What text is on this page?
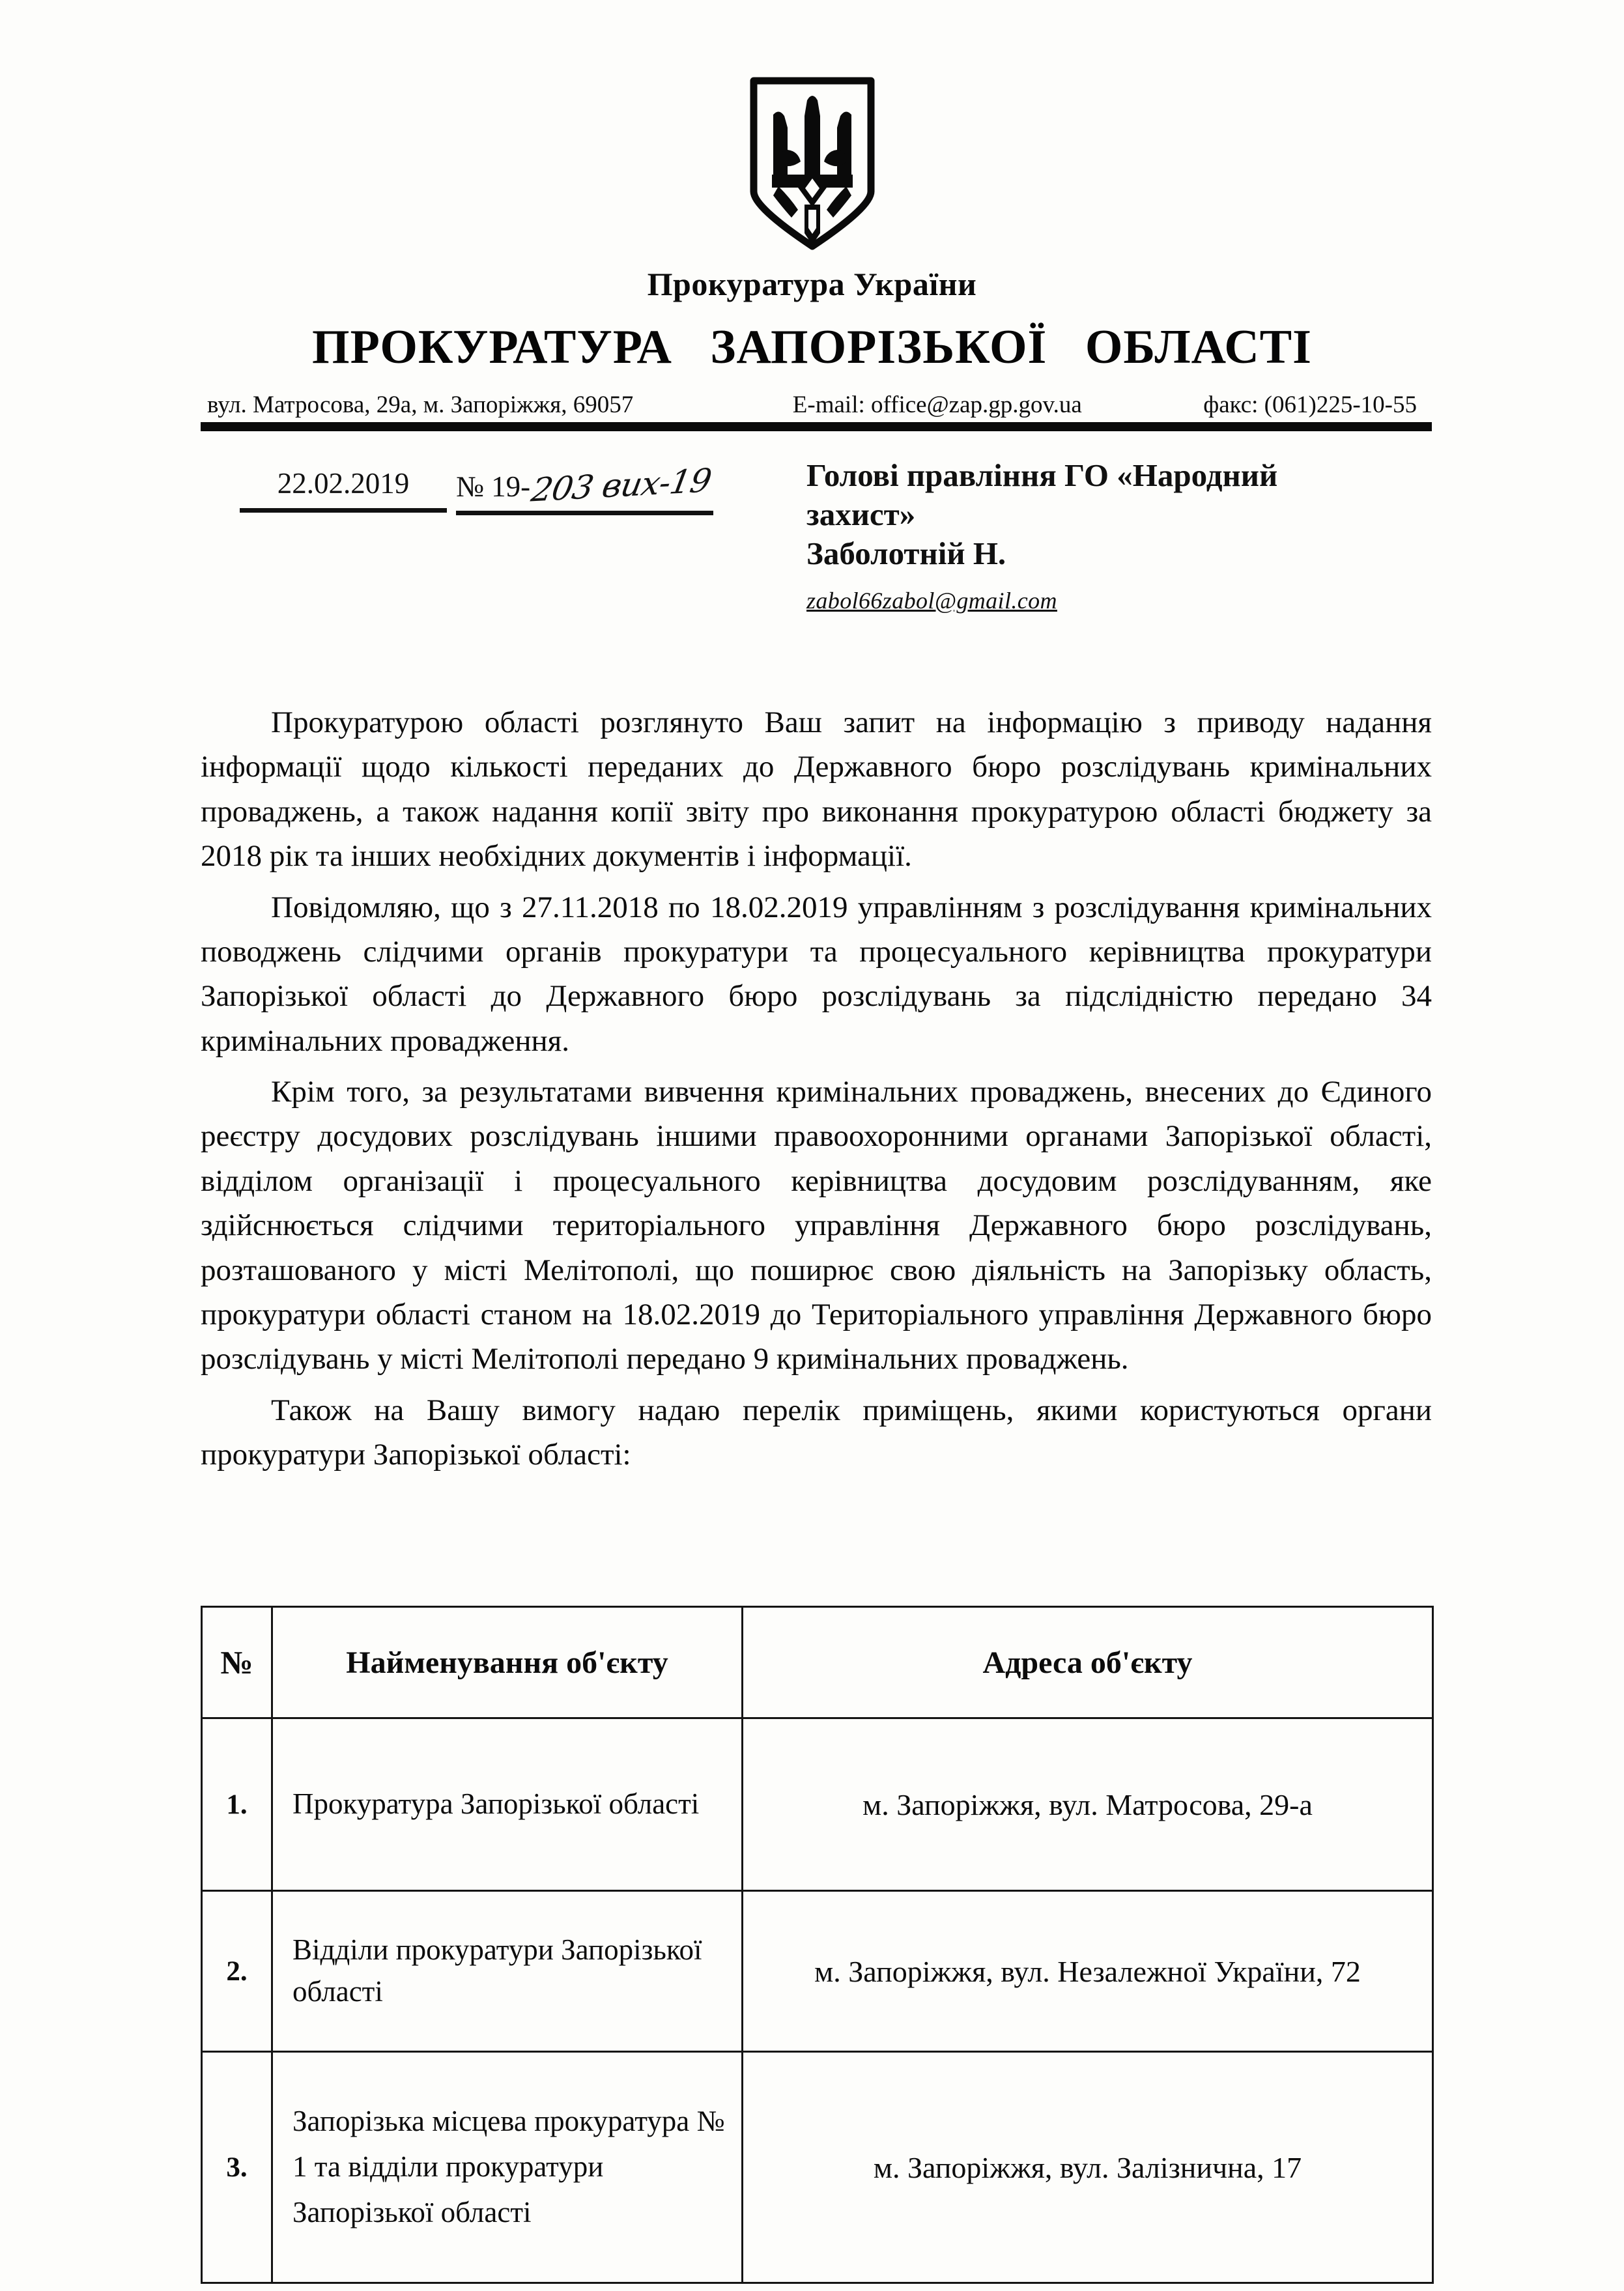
Прокуратура України
ПРОКУРАТУРА   ЗАПОРІЗЬКОЇ   ОБЛАСТІ
вул. Матросова, 29а, м. Запоріжжя, 69057	E-mail: office@zap.gp.gov.ua	факс: (061)225-10-55
22.02.2019	№ 19-203 вих-19	Голові правління ГО «Народний
захист»
Заболотній Н.
zabol66zabol@gmail.com

Прокуратурою області розглянуто Ваш запит на інформацію з приводу надання інформації щодо кількості переданих до Державного бюро розслідувань кримінальних проваджень, а також надання копії звіту про виконання прокуратурою області бюджету за 2018 рік та інших необхідних документів і інформації.

Повідомляю, що з 27.11.2018 по 18.02.2019 управлінням з розслідування кримінальних поводжень слідчими органів прокуратури та процесуального керівництва прокуратури Запорізької області до Державного бюро розслідувань за підслідністю передано 34 кримінальних провадження.

Крім того, за результатами вивчення кримінальних проваджень, внесених до Єдиного реєстру досудових розслідувань іншими правоохоронними органами Запорізької області, відділом організації і процесуального керівництва досудовим розслідуванням, яке здійснюється слідчими територіального управління Державного бюро розслідувань, розташованого у місті Мелітополі, що поширює свою діяльність на Запорізьку область, прокуратури області станом на 18.02.2019 до Територіального управління Державного бюро розслідувань у місті Мелітополі передано 9 кримінальних проваджень.

Також на Вашу вимогу надаю перелік приміщень, якими користуються органи прокуратури Запорізької області:

№	Найменування об'єкту	Адреса об'єкту
1.	Прокуратура Запорізької області	м. Запоріжжя, вул. Матросова, 29-а
2.	Відділи прокуратури Запорізької області	м. Запоріжжя, вул. Незалежної України, 72
3.	Запорізька місцева прокуратура № 1 та відділи прокуратури Запорізької області	м. Запоріжжя, вул. Залізнична, 17
